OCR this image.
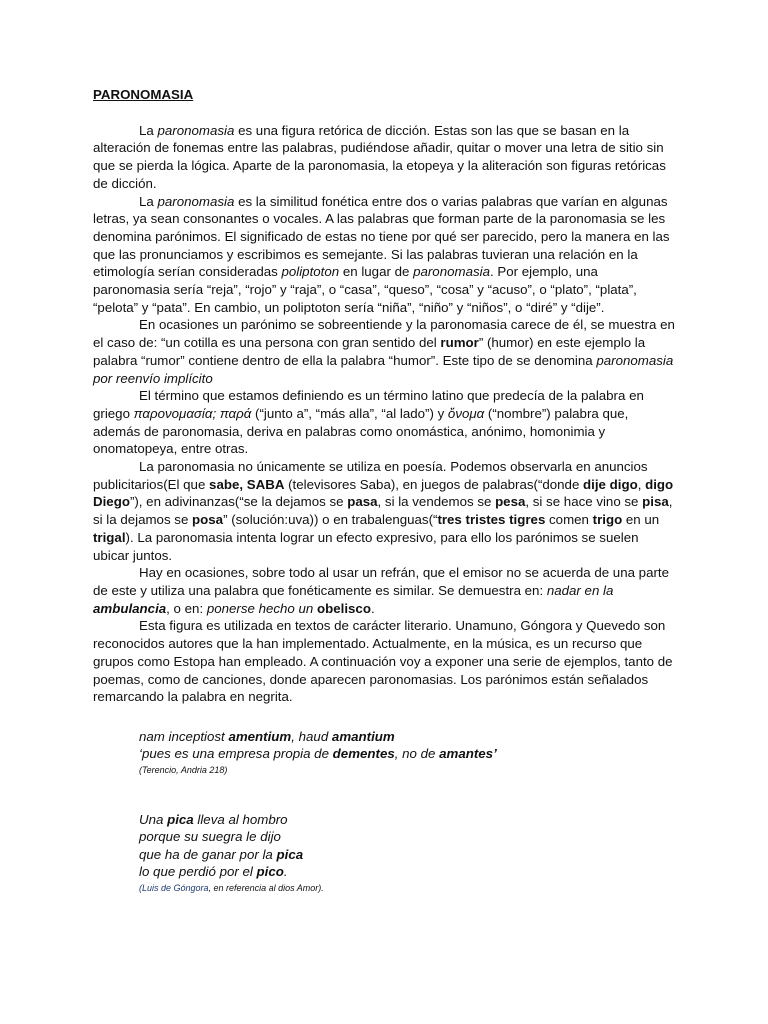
PARONOMASIA

La paronomasia es una figura retórica de dicción. Estas son las que se basan en la alteración de fonemas entre las palabras, pudiéndose añadir, quitar o mover una letra de sitio sin que se pierda la lógica. Aparte de la paronomasia, la etopeya y la aliteración son figuras retóricas de dicción.

La paronomasia es la similitud fonética entre dos o varias palabras que varían en algunas letras, ya sean consonantes o vocales. A las palabras que forman parte de la paronomasia se les denomina parónimos. El significado de estas no tiene por qué ser parecido, pero la manera en las que las pronunciamos y escribimos es semejante. Si las palabras tuvieran una relación en la etimología serían consideradas poliptoton en lugar de paronomasia. Por ejemplo, una paronomasia sería “reja”, “rojo” y “raja”, o “casa”, “queso”, “cosa” y “acuso”, o “plato”, “plata”, “pelota” y “pata”. En cambio, un poliptoton sería “niña”, “niño” y “niños”, o “diré” y “dije”.

En ocasiones un parónimo se sobreentiende y la paronomasia carece de él, se muestra en el caso de: “un cotilla es una persona con gran sentido del rumor” (humor) en este ejemplo la palabra “rumor” contiene dentro de ella la palabra “humor”. Este tipo de se denomina paronomasia por reenvío implícito

El término que estamos definiendo es un término latino que predecía de la palabra en griego παρονομασία; παρά (“junto a”, “más alla”, “al lado”) y ὄνομα (“nombre”) palabra que, además de paronomasia, deriva en palabras como onomástica, anónimo, homonimia y onomatopeya, entre otras.

La paronomasia no únicamente se utiliza en poesía. Podemos observarla en anuncios publicitarios(El que sabe, SABA (televisores Saba), en juegos de palabras(“donde dije digo, digo Diego”), en adivinanzas(“se la dejamos se pasa, si la vendemos se pesa, si se hace vino se pisa, si la dejamos se posa” (solución:uva)) o en trabalenguas(“tres tristes tigres comen trigo en un trigal). La paronomasia intenta lograr un efecto expresivo, para ello los parónimos se suelen ubicar juntos.

Hay en ocasiones, sobre todo al usar un refrán, que el emisor no se acuerda de una parte de este y utiliza una palabra que fonéticamente es similar. Se demuestra en: nadar en la ambulancia, o en: ponerse hecho un obelisco.

Esta figura es utilizada en textos de carácter literario. Unamuno, Góngora y Quevedo son reconocidos autores que la han implementado. Actualmente, en la música, es un recurso que grupos como Estopa han empleado. A continuación voy a exponer una serie de ejemplos, tanto de poemas, como de canciones, donde aparecen paronomasias. Los parónimos están señalados remarcando la palabra en negrita.

nam inceptiost amentium, haud amantium

‘pues es una empresa propia de dementes, no de amantes’

(Terencio, Andria 218)

Una pica lleva al hombro

porque su suegra le dijo

que ha de ganar por la pica

lo que perdió por el pico.

(Luis de Góngora, en referencia al dios Amor).
